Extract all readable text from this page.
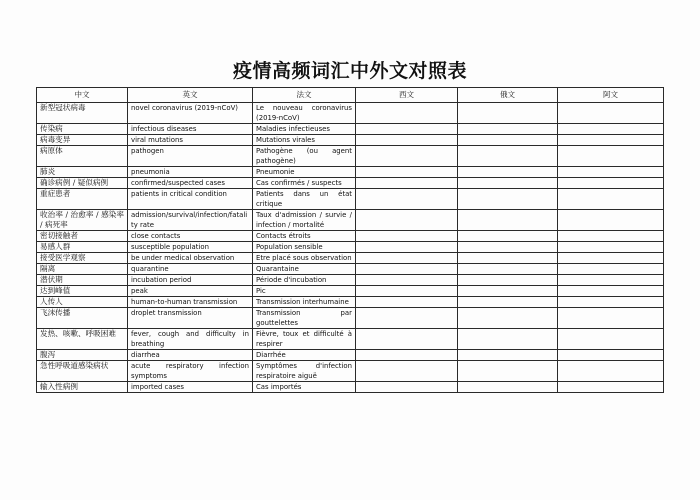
疫情高频词汇中外文对照表
中文	英文	法文	西文	俄文	阿文
新型冠状病毒	novel coronavirus (2019-nCoV)	Le nouveau coronavirus (2019-nCoV)			
传染病	infectious diseases	Maladies infectieuses			
病毒变异	viral mutations	Mutations virales			
病原体	pathogen	Pathogène (ou agent pathogène)			
肺炎	pneumonia	Pneumonie			
确诊病例 / 疑似病例	confirmed/suspected cases	Cas confirmés / suspects			
重症患者	patients in critical condition	Patients dans un état critique			
收治率 / 治愈率 / 感染率 / 病死率	admission/survival/infection/fatality rate	Taux d'admission / survie / infection / mortalité			
密切接触者	close contacts	Contacts étroits			
易感人群	susceptible population	Population sensible			
接受医学观察	be under medical observation	Etre placé sous observation			
隔离	quarantine	Quarantaine			
潜伏期	incubation period	Période d'incubation			
达到峰值	peak	Pic			
人传人	human-to-human transmission	Transmission interhumaine			
飞沫传播	droplet transmission	Transmission par gouttelettes			
发热、咳嗽、呼吸困难	fever, cough and difficulty in breathing	Fièvre, toux et difficulté à respirer			
腹泻	diarrhea	Diarrhée			
急性呼吸道感染病状	acute respiratory infection symptoms	Symptômes d'infection respiratoire aiguë			
输入性病例	imported cases	Cas importés			
